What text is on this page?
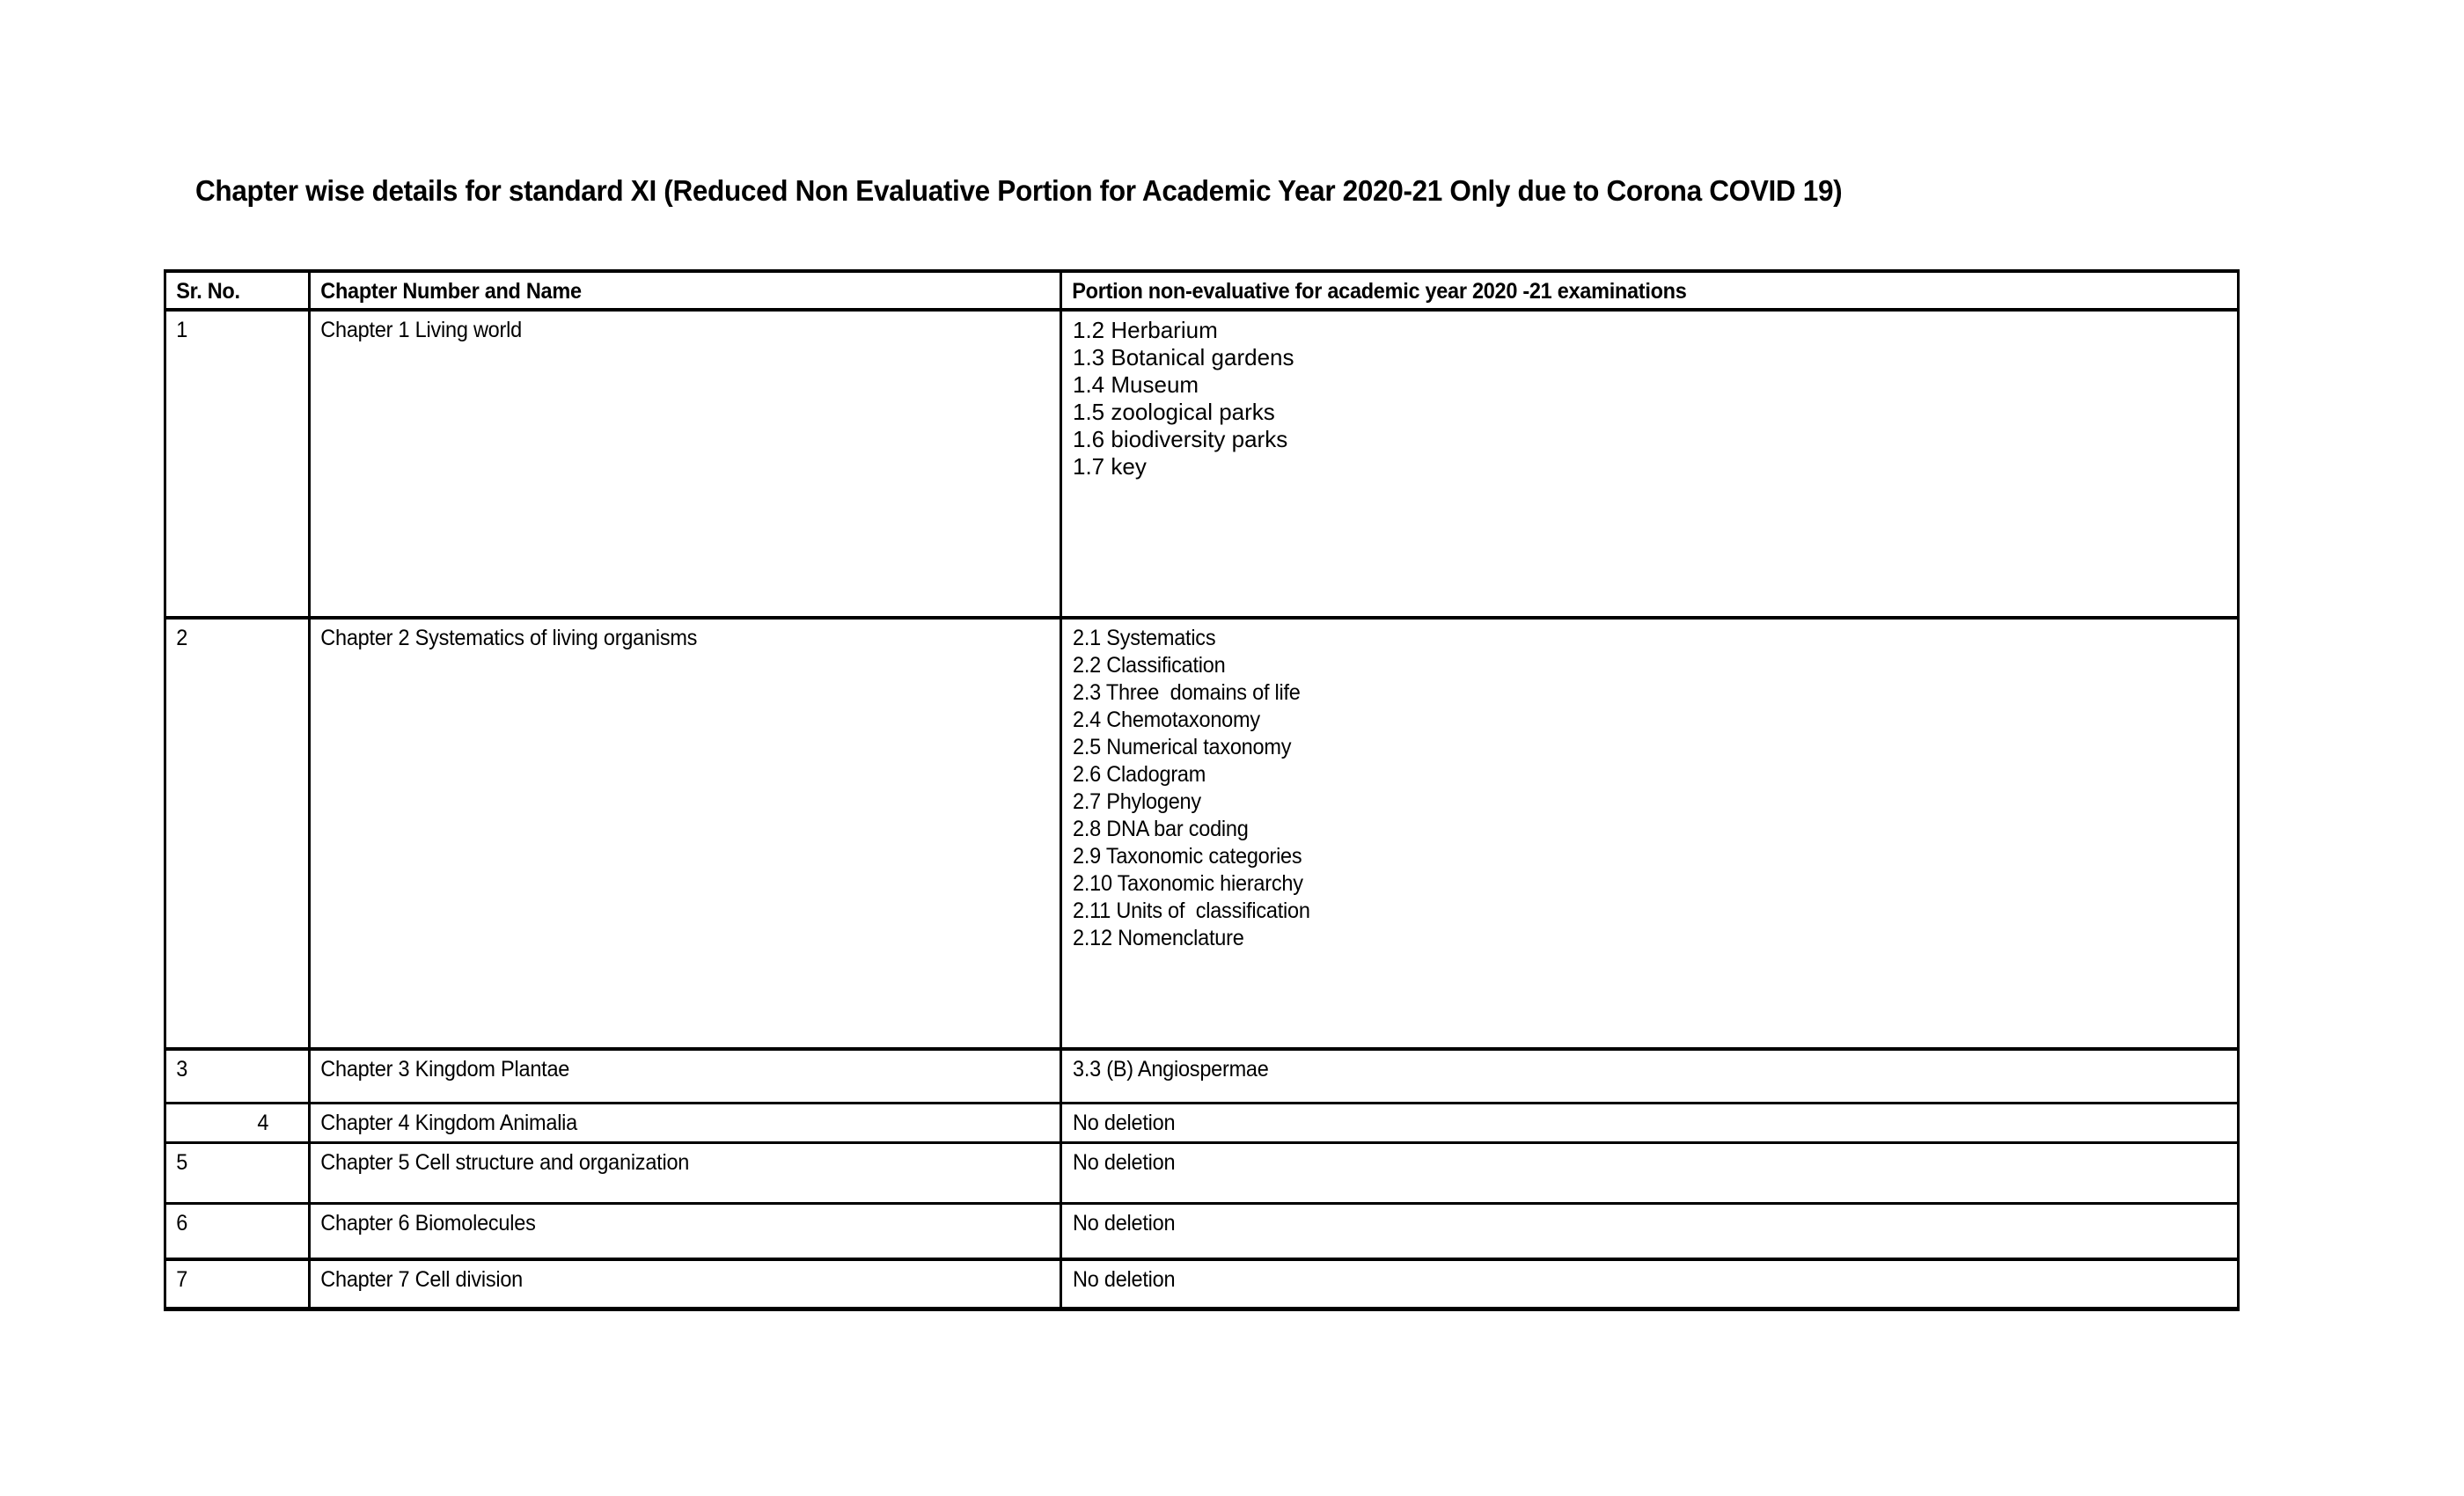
Chapter wise details for standard XI (Reduced Non Evaluative Portion for Academic Year 2020-21 Only due to Corona COVID 19)
Sr. No.	Chapter Number and Name	Portion non-evaluative for academic year 2020 -21 examinations

1	Chapter 1 Living world	1.2 Herbarium
1.3 Botanical gardens
1.4 Museum
1.5 zoological parks
1.6 biodiversity parks
1.7 key

2	Chapter 2 Systematics of living organisms	2.1 Systematics
2.2 Classification
2.3 Three  domains of life
2.4 Chemotaxonomy
2.5 Numerical taxonomy
2.6 Cladogram
2.7 Phylogeny
2.8 DNA bar coding
2.9 Taxonomic categories
2.10 Taxonomic hierarchy
2.11 Units of  classification
2.12 Nomenclature

3	Chapter 3 Kingdom Plantae	3.3 (B) Angiospermae

4	Chapter 4 Kingdom Animalia	No deletion

5	Chapter 5 Cell structure and organization	No deletion

6	Chapter 6 Biomolecules	No deletion

7	Chapter 7 Cell division	No deletion
